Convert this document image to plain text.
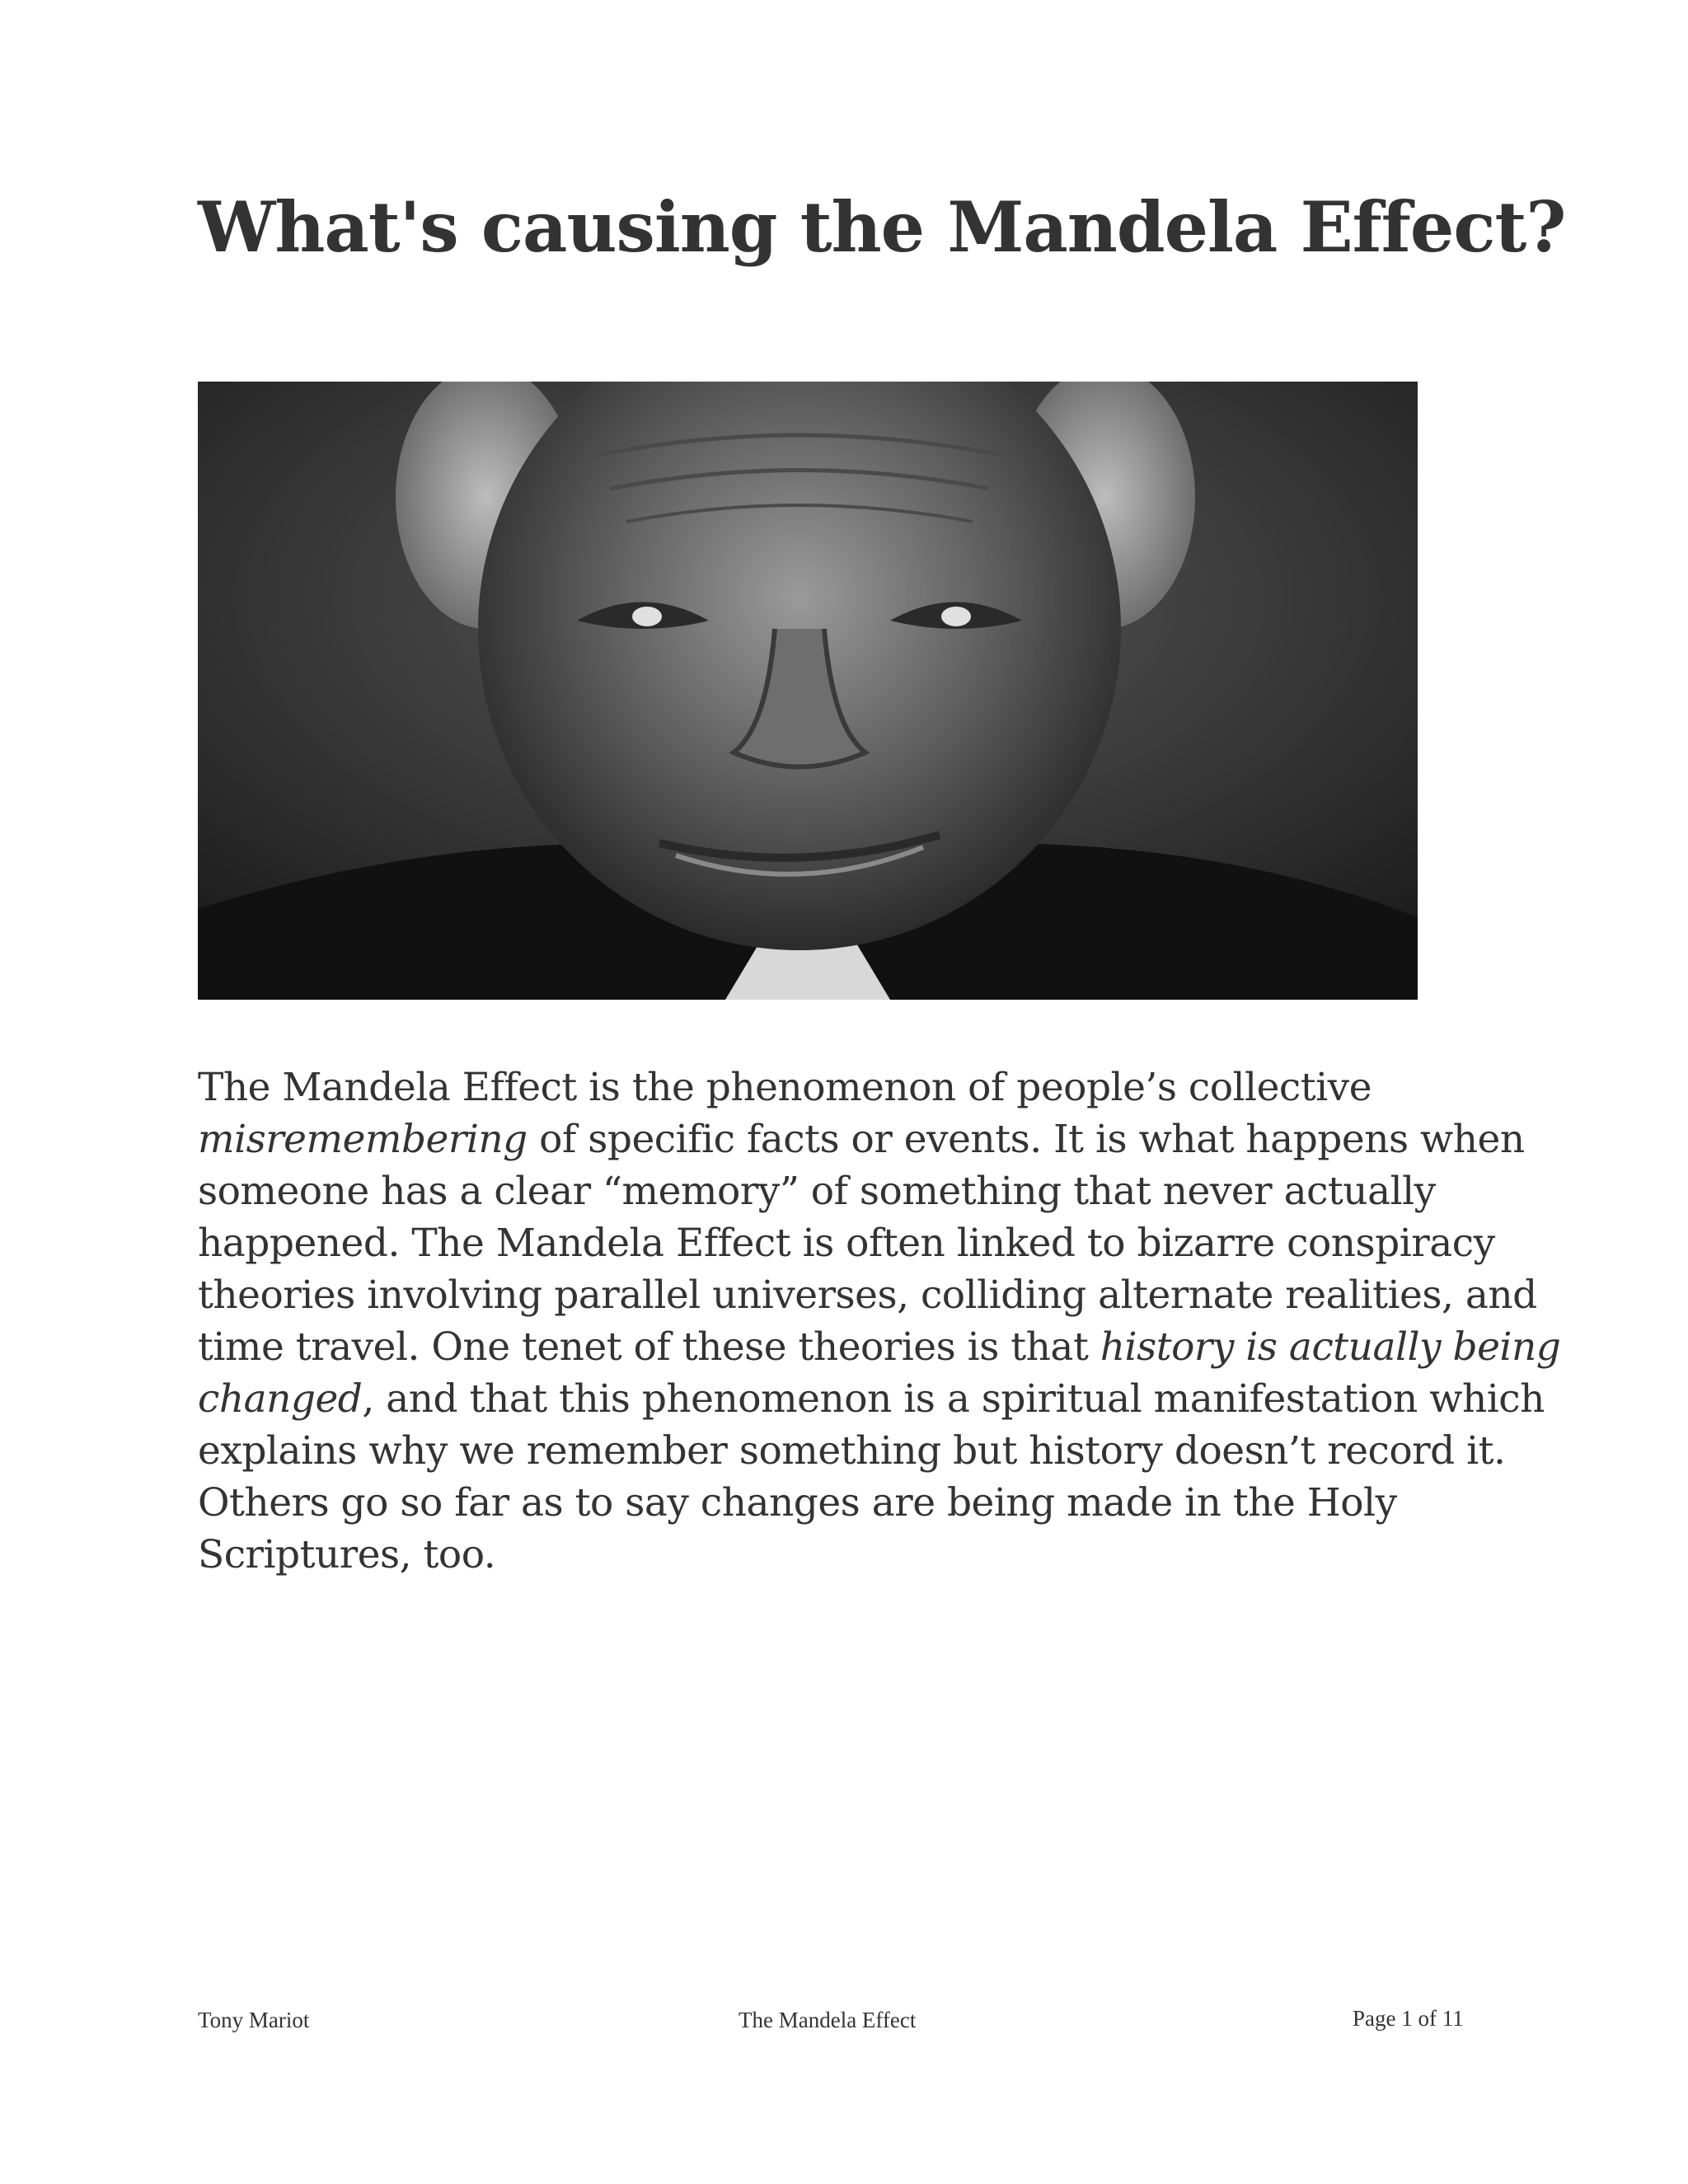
What's causing the Mandela Effect?
The Mandela Effect is the phenomenon of people’s collective
misremembering of specific facts or events. It is what happens when
someone has a clear “memory” of something that never actually
happened. The Mandela Effect is often linked to bizarre conspiracy
theories involving parallel universes, colliding alternate realities, and
time travel. One tenet of these theories is that history is actually being
changed, and that this phenomenon is a spiritual manifestation which
explains why we remember something but history doesn’t record it.
Others go so far as to say changes are being made in the Holy
Scriptures, too.
Tony Mariot	The Mandela Effect	Page 1 of 11
